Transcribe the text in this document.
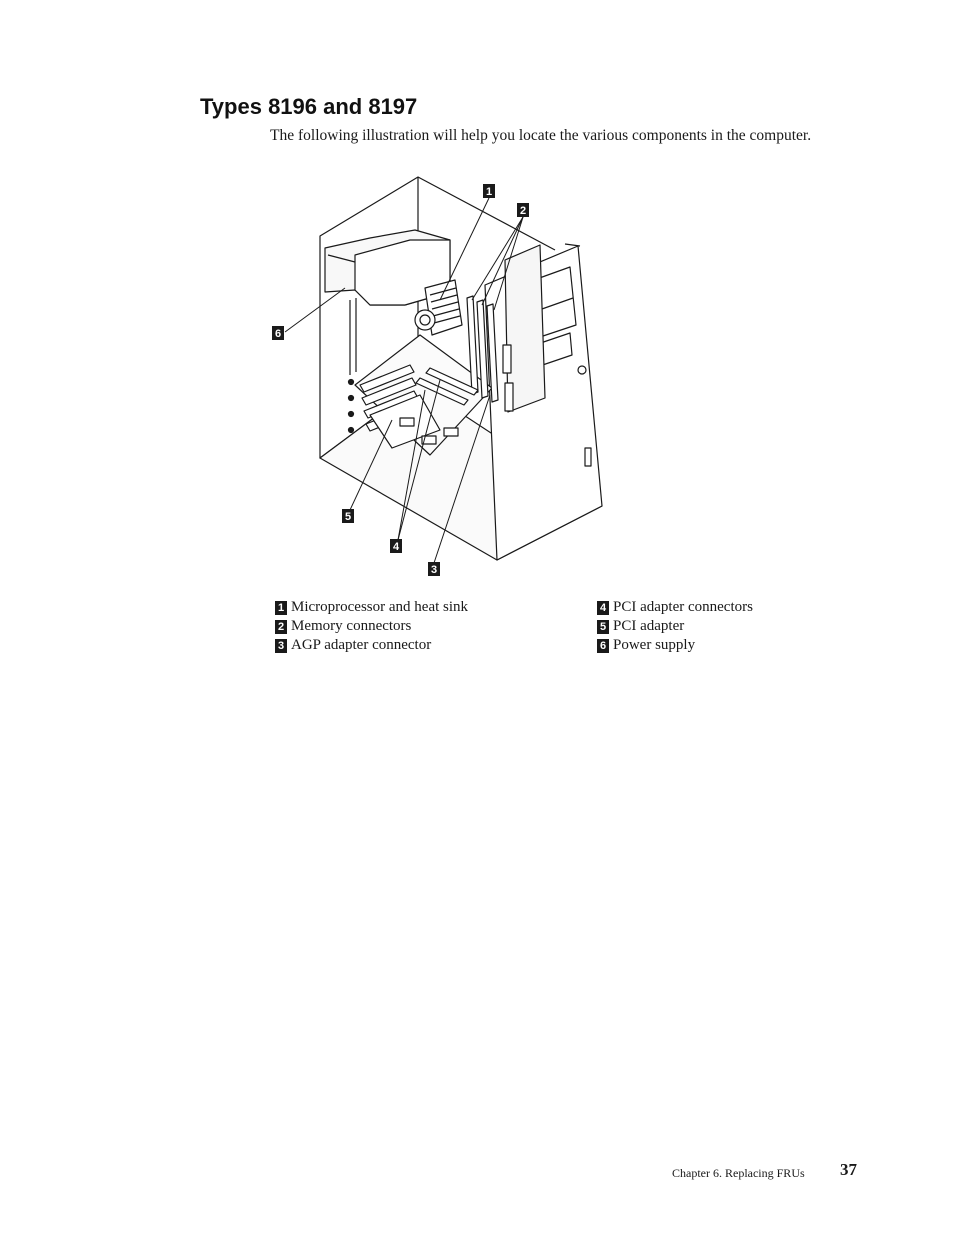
Types 8196 and 8197

The following illustration will help you locate the various components in the computer.

1
2
3
4
5
6
1 Microprocessor and heat sink
2 Memory connectors
3 AGP adapter connector
4 PCI adapter connectors
5 PCI adapter
6 Power supply
Chapter 6. Replacing FRUs 37
